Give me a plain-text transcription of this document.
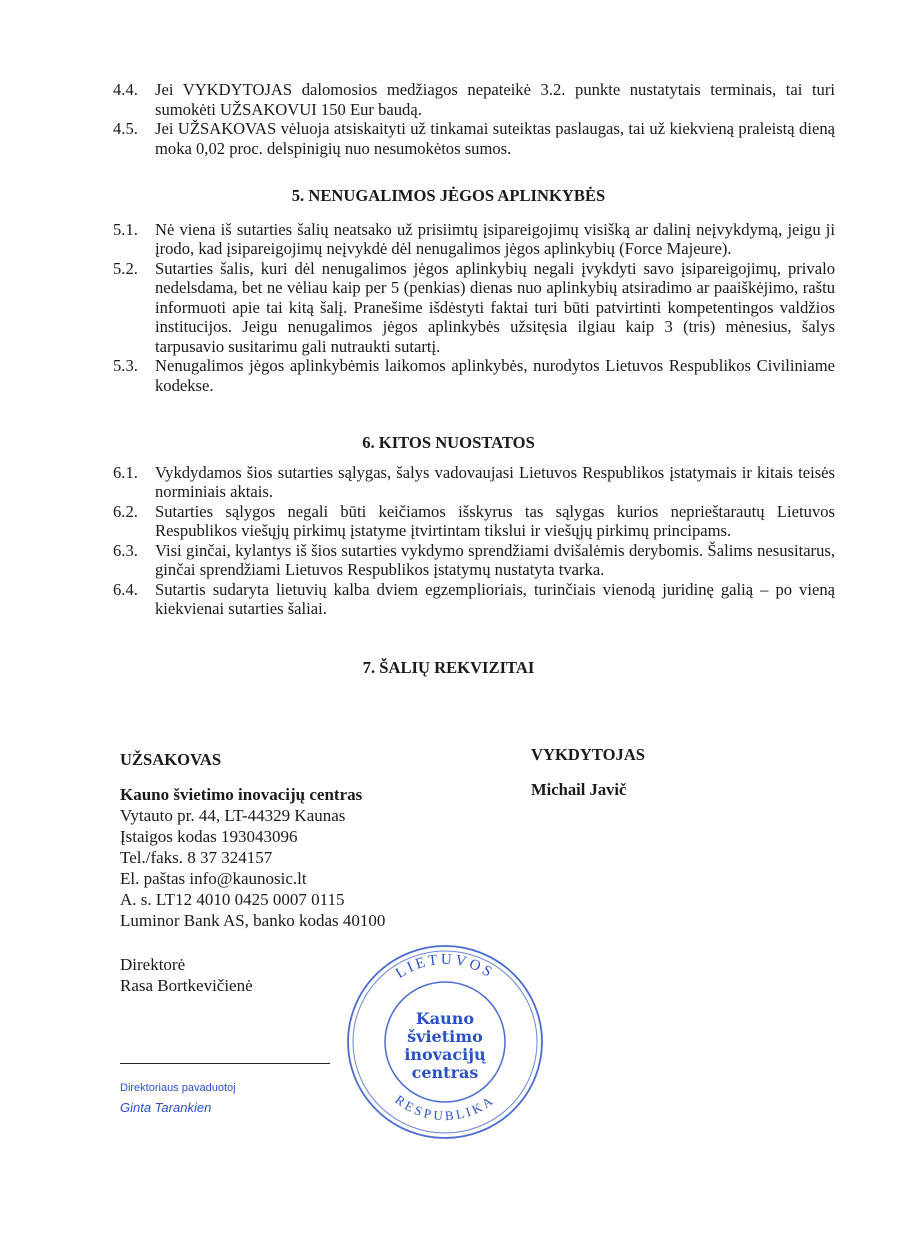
4.4. Jei VYKDYTOJAS dalomosios medžiagos nepateikė 3.2. punkte nustatytais terminais, tai turi sumokėti UŽSAKOVUI 150 Eur baudą.
4.5. Jei UŽSAKOVAS vėluoja atsiskaityti už tinkamai suteiktas paslaugas, tai už kiekvieną praleistą dieną moka 0,02 proc. delspinigių nuo nesumokėtos sumos.
5. NENUGALIMOS JĖGOS APLINKYBĖS
5.1. Nė viena iš sutarties šalių neatsako už prisiimtų įsipareigojimų visišką ar dalinį neįvykdymą, jeigu ji įrodo, kad įsipareigojimų neįvykdė dėl nenugalimos jėgos aplinkybių (Force Majeure).
5.2. Sutarties šalis, kuri dėl nenugalimos jėgos aplinkybių negali įvykdyti savo įsipareigojimų, privalo nedelsdama, bet ne vėliau kaip per 5 (penkias) dienas nuo aplinkybių atsiradimo ar paaiškėjimo, raštu informuoti apie tai kitą šalį. Pranešime išdėstyti faktai turi būti patvirtinti kompetentingos valdžios institucijos. Jeigu nenugalimos jėgos aplinkybės užsitęsia ilgiau kaip 3 (tris) mėnesius, šalys tarpusavio susitarimu gali nutraukti sutartį.
5.3. Nenugalimos jėgos aplinkybėmis laikomos aplinkybės, nurodytos Lietuvos Respublikos Civiliniame kodekse.
6. KITOS NUOSTATOS
6.1. Vykdydamos šios sutarties sąlygas, šalys vadovaujasi Lietuvos Respublikos įstatymais ir kitais teisės norminiais aktais.
6.2. Sutarties sąlygos negali būti keičiamos išskyrus tas sąlygas kurios neprieštarautų Lietuvos Respublikos viešųjų pirkimų įstatyme įtvirtintam tikslui ir viešųjų pirkimų principams.
6.3. Visi ginčai, kylantys iš šios sutarties vykdymo sprendžiami dvišalėmis derybomis. Šalims nesusitarus, ginčai sprendžiami Lietuvos Respublikos įstatymų nustatyta tvarka.
6.4. Sutartis sudaryta lietuvių kalba dviem egzemplioriais, turinčiais vienodą juridinę galią – po vieną kiekvienai sutarties šaliai.
7. ŠALIŲ REKVIZITAI
UŽSAKOVAS	VYKDYTOJAS
Michail Javič
Kauno švietimo inovacijų centras
Vytauto pr. 44, LT-44329 Kaunas
Įstaigos kodas 193043096
Tel./faks. 8 37 324157
El. paštas info@kaunosic.lt
A. s. LT12 4010 0425 0007 0115
Luminor Bank AS, banko kodas 40100
Direktorė
Rasa Bortkevičienė
LIETUVOS
RESPUBLIKA
Kauno
švietimo
inovacijų
centras
Direktoriaus pavaduotoj
Ginta Tarankien
